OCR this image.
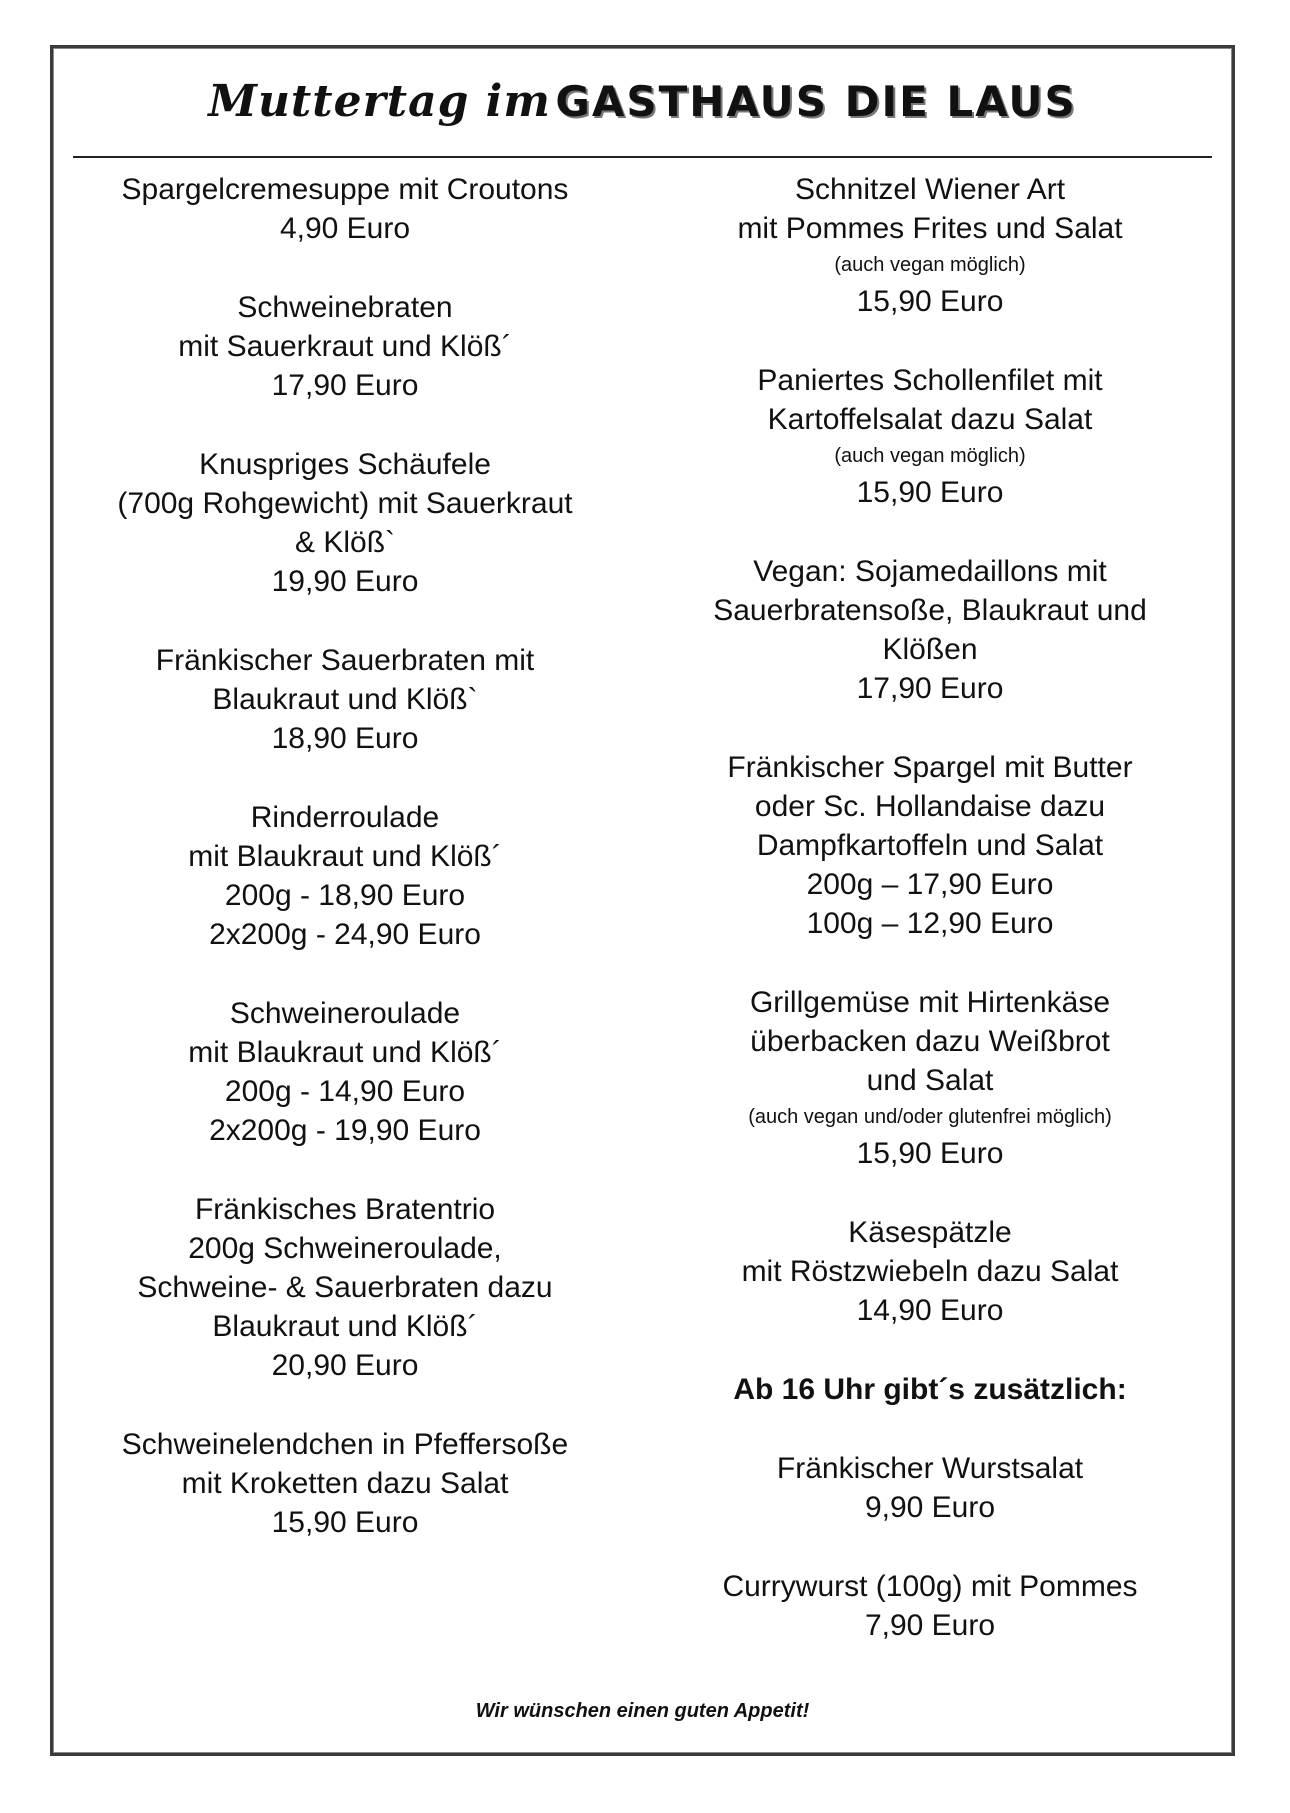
Muttertag im GASTHAUS DIE LAUS
Spargelcremesuppe mit Croutons
4,90 Euro
Schweinebraten
mit Sauerkraut und Klöß´
17,90 Euro
Knuspriges Schäufele
(700g Rohgewicht) mit Sauerkraut
& Klöß`
19,90 Euro
Fränkischer Sauerbraten mit
Blaukraut und Klöß`
18,90 Euro
Rinderroulade
mit Blaukraut und Klöß´
200g - 18,90 Euro
2x200g - 24,90 Euro
Schweineroulade
mit Blaukraut und Klöß´
200g - 14,90 Euro
2x200g - 19,90 Euro
Fränkisches Bratentrio
200g Schweineroulade,
Schweine- & Sauerbraten dazu
Blaukraut und Klöß´
20,90 Euro
Schweinelendchen in Pfeffersoße
mit Kroketten dazu Salat
15,90 Euro
Schnitzel Wiener Art
mit Pommes Frites und Salat
(auch vegan möglich)
15,90 Euro
Paniertes Schollenfilet mit
Kartoffelsalat dazu Salat
(auch vegan möglich)
15,90 Euro
Vegan: Sojamedaillons mit
Sauerbratensoße, Blaukraut und
Klößen
17,90 Euro
Fränkischer Spargel mit Butter
oder Sc. Hollandaise dazu
Dampfkartoffeln und Salat
200g – 17,90 Euro
100g – 12,90 Euro
Grillgemüse mit Hirtenkäse
überbacken dazu Weißbrot
und Salat
(auch vegan und/oder glutenfrei möglich)
15,90 Euro
Käsespätzle
mit Röstzwiebeln dazu Salat
14,90 Euro
Ab 16 Uhr gibt´s zusätzlich:
Fränkischer Wurstsalat
9,90 Euro
Currywurst (100g) mit Pommes
7,90 Euro
Wir wünschen einen guten Appetit!
